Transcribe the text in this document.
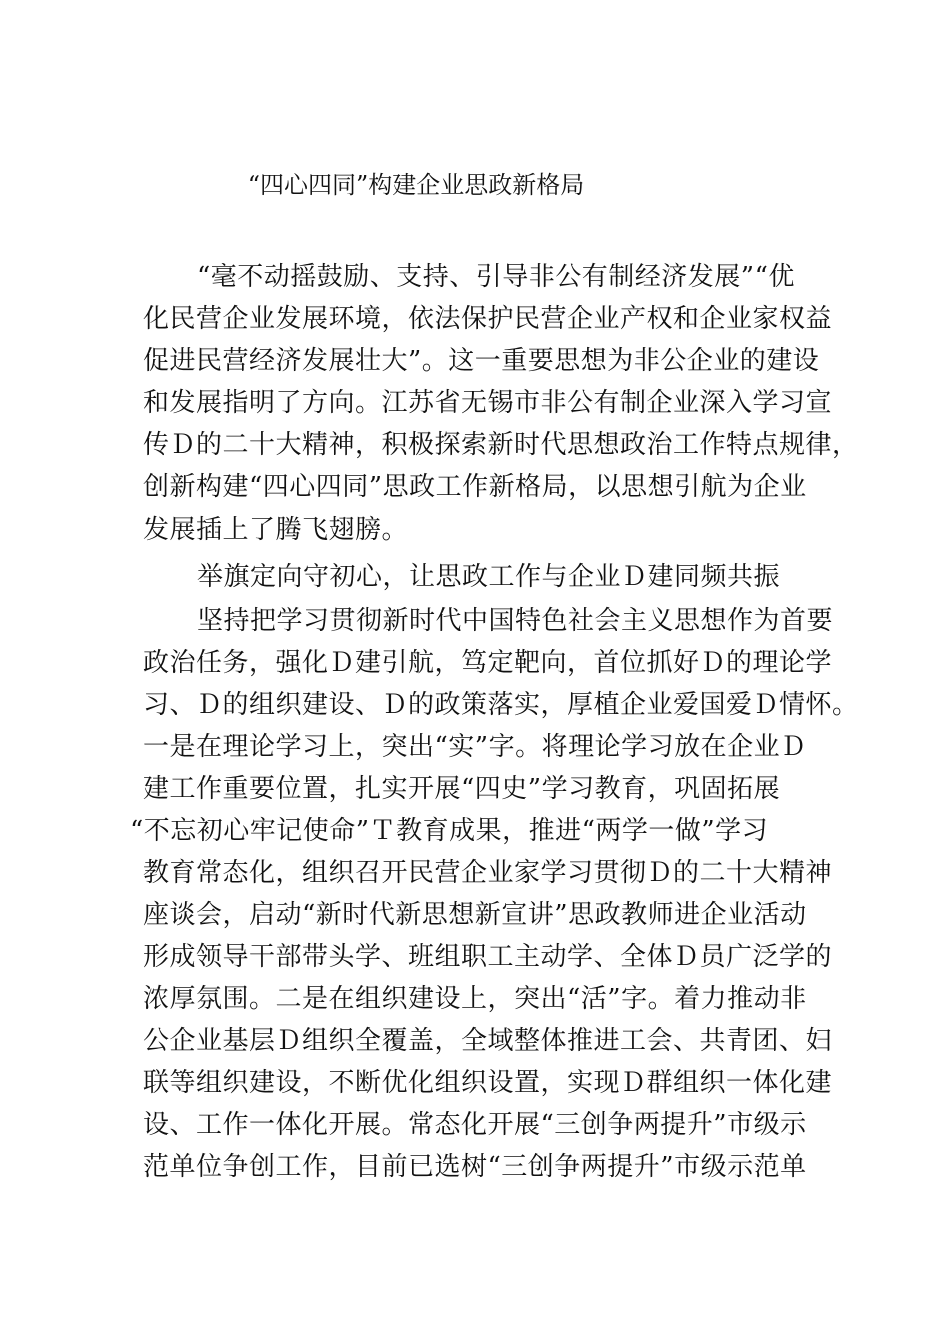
“四心四同”构建企业思政新格局
“毫不动摇鼓励、支持、引导非公有制经济发展”“优
化民营企业发展环境，依法保护民营企业产权和企业家权益
促进民营经济发展壮大”。这一重要思想为非公企业的建设
和发展指明了方向。江苏省无锡市非公有制企业深入学习宣
传Ｄ的二十大精神，积极探索新时代思想政治工作特点规律，
创新构建“四心四同”思政工作新格局，以思想引航为企业
发展插上了腾飞翅膀。
举旗定向守初心，让思政工作与企业Ｄ建同频共振
坚持把学习贯彻新时代中国特色社会主义思想作为首要
政治任务，强化Ｄ建引航，笃定靶向，首位抓好Ｄ的理论学
习、Ｄ的组织建设、Ｄ的政策落实，厚植企业爱国爱Ｄ情怀。
一是在理论学习上，突出“实”字。将理论学习放在企业Ｄ
建工作重要位置，扎实开展“四史”学习教育，巩固拓展
“不忘初心牢记使命”Ｔ教育成果，推进“两学一做”学习
教育常态化，组织召开民营企业家学习贯彻Ｄ的二十大精神
座谈会，启动“新时代新思想新宣讲”思政教师进企业活动
形成领导干部带头学、班组职工主动学、全体Ｄ员广泛学的
浓厚氛围。二是在组织建设上，突出“活”字。着力推动非
公企业基层Ｄ组织全覆盖，全域整体推进工会、共青团、妇
联等组织建设，不断优化组织设置，实现Ｄ群组织一体化建
设、工作一体化开展。常态化开展“三创争两提升”市级示
范单位争创工作，目前已选树“三创争两提升”市级示范单
